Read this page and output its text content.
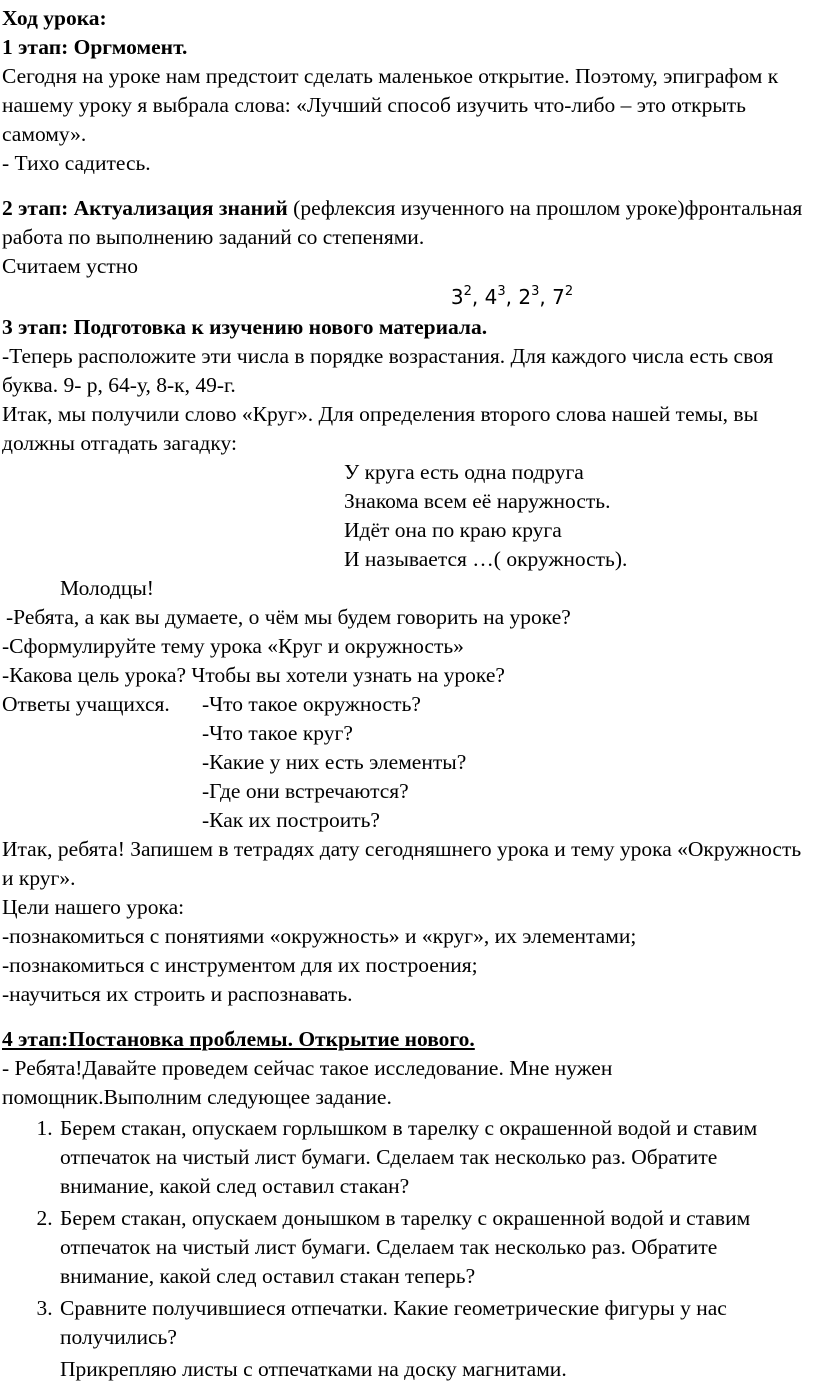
Ход урока:

1 этап: Оргмомент.

Сегодня на уроке нам предстоит сделать маленькое открытие. Поэтому, эпиграфом к нашему уроку я выбрала слова: «Лучший способ изучить что-либо – это открыть самому».

- Тихо садитесь.

2 этап: Актуализация знаний (рефлексия изученного на прошлом уроке)фронтальная работа по выполнению заданий со степенями.

Считаем устно

$3^2$, $4^3$, $2^3$, $7^2$

3 этап: Подготовка к изучению нового материала.

-Теперь расположите эти числа в порядке возрастания. Для каждого числа есть своя буква. 9- р, 64-у, 8-к, 49-г.

Итак, мы получили слово «Круг». Для определения второго слова нашей темы, вы должны отгадать загадку:

У круга есть одна подруга

Знакома всем её наружность.

Идёт она по краю круга

И называется …( окружность).

Молодцы!

-Ребята, а как вы думаете, о чём мы будем говорить на уроке?

-Сформулируйте тему урока «Круг и окружность»

-Какова цель урока? Чтобы вы хотели узнать на уроке?

Ответы учащихся.	-Что такое окружность?

-Что такое круг?

-Какие у них есть элементы?

-Где они встречаются?

-Как их построить?

Итак, ребята! Запишем в тетрадях дату сегодняшнего урока и тему урока «Окружность и круг».

Цели нашего урока:

-познакомиться с понятиями «окружность» и «круг», их элементами;

-познакомиться с инструментом для их построения;

-научиться их строить и распознавать.

4 этап:Постановка проблемы. Открытие нового.

- Ребята!Давайте проведем сейчас такое исследование. Мне нужен помощник.Выполним следующее задание.

1. Берем стакан, опускаем горлышком в тарелку с окрашенной водой и ставим отпечаток на чистый лист бумаги. Сделаем так несколько раз. Обратите внимание, какой след оставил стакан?
2. Берем стакан, опускаем донышком в тарелку с окрашенной водой и ставим отпечаток на чистый лист бумаги. Сделаем так несколько раз. Обратите внимание, какой след оставил стакан теперь?
3. Сравните получившиеся отпечатки. Какие геометрические фигуры у нас получились?

Прикрепляю листы с отпечатками на доску магнитами.
